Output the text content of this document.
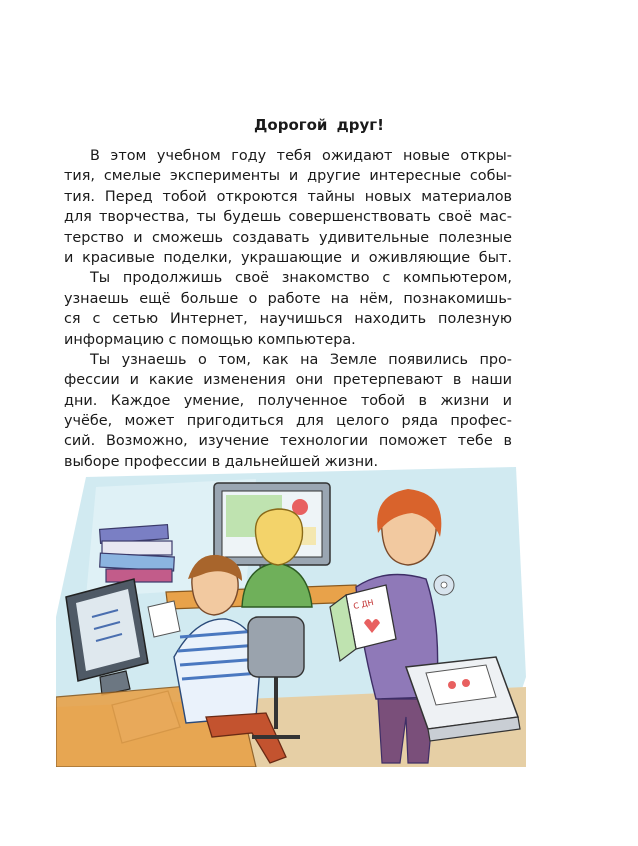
Дорогой друг!
В этом учебном году тебя ожидают новые откры-
тия, смелые эксперименты и другие интересные собы-
тия. Перед тобой откроются тайны новых материалов
для творчества, ты будешь совершенствовать своё мас-
терство и сможешь создавать удивительные полезные
и красивые поделки, украшающие и оживляющие быт.
Ты продолжишь своё знакомство с компьютером,
узнаешь ещё больше о работе на нём, познакомишь-
ся с сетью Интернет, научишься находить полезную
информацию с помощью компьютера.
Ты узнаешь о том, как на Земле появились про-
фессии и какие изменения они претерпевают в наши
дни. Каждое умение, полученное тобой в жизни и
учёбе, может пригодиться для целого ряда профес-
сий. Возможно, изучение технологии поможет тебе в
выборе профессии в дальнейшей жизни.
С ДН
